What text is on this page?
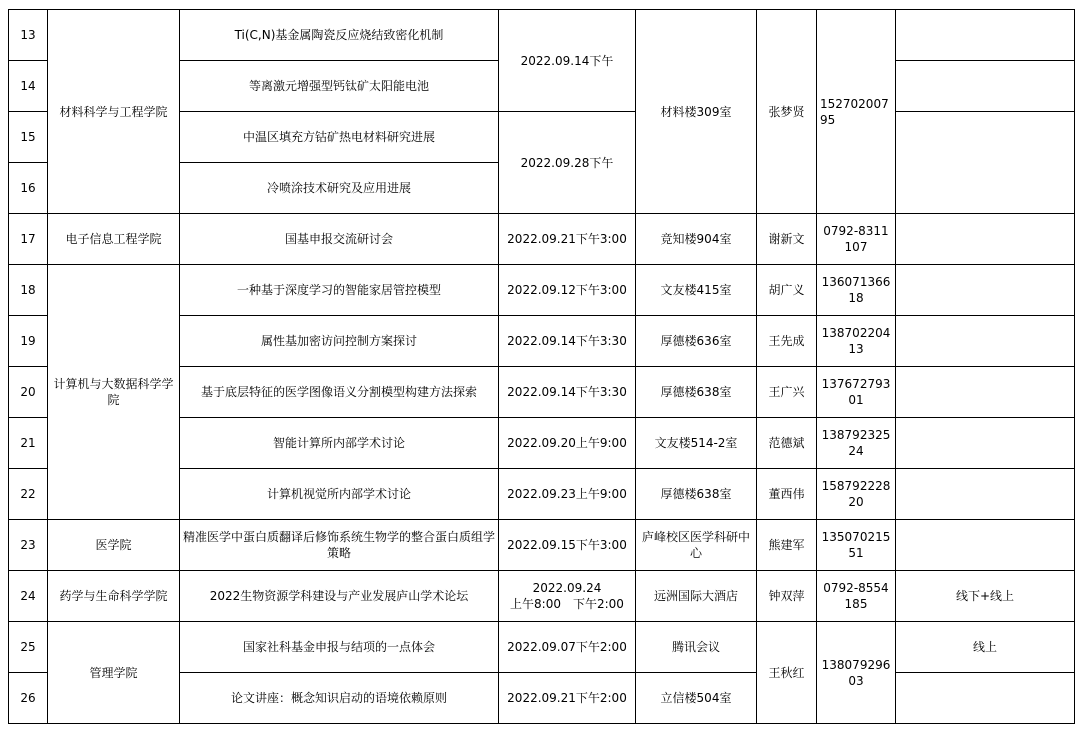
13	材料科学与工程学院	Ti(C,N)基金属陶瓷反应烧结致密化机制	2022.09.14下午	材料楼309室	张梦贤	15270200795	
14		等离激元增强型钙钛矿太阳能电池					
15		中温区填充方钴矿热电材料研究进展	2022.09.28下午				
16		冷喷涂技术研究及应用进展					
17	电子信息工程学院	国基申报交流研讨会	2022.09.21下午3:00	竞知楼904室	谢新文	0792-8311107	
18	计算机与大数据科学学院	一种基于深度学习的智能家居管控模型	2022.09.12下午3:00	文友楼415室	胡广义	13607136618	
19		属性基加密访问控制方案探讨	2022.09.14下午3:30	厚德楼636室	王先成	13870220413	
20		基于底层特征的医学图像语义分割模型构建方法探索	2022.09.14下午3:30	厚德楼638室	王广兴	13767279301	
21		智能计算所内部学术讨论	2022.09.20上午9:00	文友楼514-2室	范德斌	13879232524	
22		计算机视觉所内部学术讨论	2022.09.23上午9:00	厚德楼638室	董西伟	15879222820	
23	医学院	精准医学中蛋白质翻译后修饰系统生物学的整合蛋白质组学策略	2022.09.15下午3:00	庐峰校区医学科研中心	熊建军	13507021551	
24	药学与生命科学学院	2022生物资源学科建设与产业发展庐山学术论坛	2022.09.24
上午8:00　下午2:00	远洲国际大酒店	钟双萍	0792-8554185	线下+线上
25	管理学院	国家社科基金申报与结项的一点体会	2022.09.07下午2:00	腾讯会议	王秋红	13807929603	线上
26		论文讲座：概念知识启动的语境依赖原则	2022.09.21下午2:00	立信楼504室			
